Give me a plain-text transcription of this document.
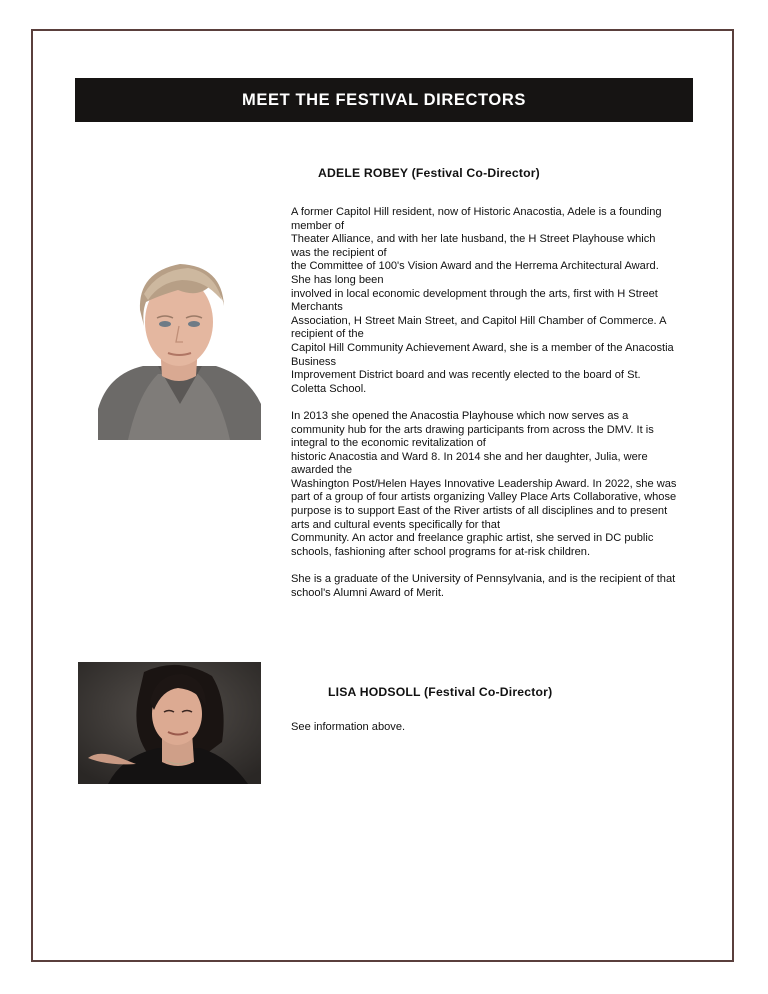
MEET THE FESTIVAL DIRECTORS
ADELE ROBEY (Festival Co-Director)

A former Capitol Hill resident, now of Historic Anacostia, Adele is a founding
member of
Theater Alliance, and with her late husband, the H Street Playhouse which
was the recipient of
the Committee of 100's Vision Award and the Herrema Architectural Award.
She has long been
involved in local economic development through the arts, first with H Street
Merchants
Association, H Street Main Street, and Capitol Hill Chamber of Commerce. A
recipient of the
Capitol Hill Community Achievement Award, she is a member of the Anacostia
Business
Improvement District board and was recently elected to the board of St.
Coletta School.

In 2013 she opened the Anacostia Playhouse which now serves as a
community hub for the arts drawing participants from across the DMV. It is
integral to the economic revitalization of
historic Anacostia and Ward 8. In 2014 she and her daughter, Julia, were
awarded the
Washington Post/Helen Hayes Innovative Leadership Award. In 2022, she was
part of a group of four artists organizing Valley Place Arts Collaborative, whose
purpose is to support East of the River artists of all disciplines and to present
arts and cultural events specifically for that
Community. An actor and freelance graphic artist, she served in DC public
schools, fashioning after school programs for at-risk children.

She is a graduate of the University of Pennsylvania, and is the recipient of that
school's Alumni Award of Merit.

LISA HODSOLL (Festival Co-Director)

See information above.
